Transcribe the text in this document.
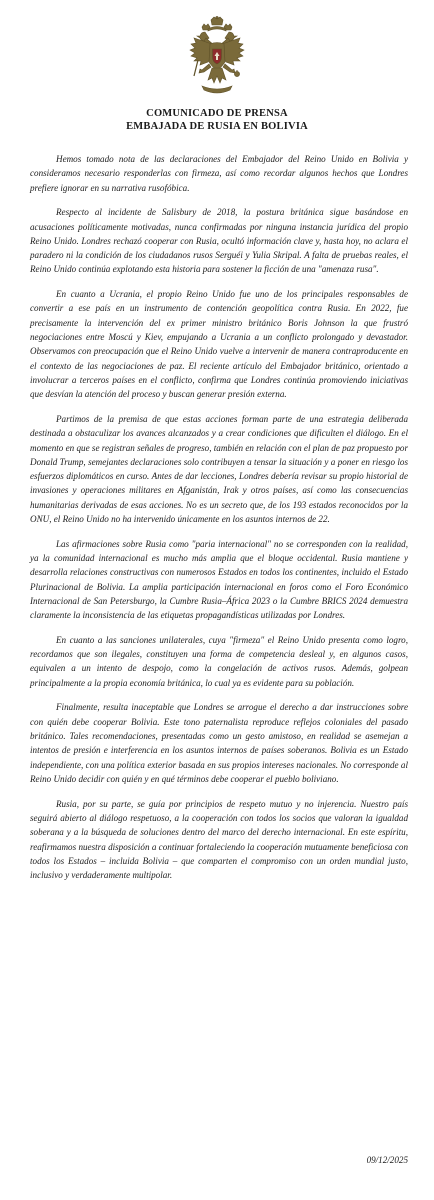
COMUNICADO DE PRENSA
EMBAJADA DE RUSIA EN BOLIVIA

Hemos tomado nota de las declaraciones del Embajador del Reino Unido en Bolivia y consideramos necesario responderlas con firmeza, así como recordar algunos hechos que Londres prefiere ignorar en su narrativa rusofóbica.

Respecto al incidente de Salisbury de 2018, la postura británica sigue basándose en acusaciones políticamente motivadas, nunca confirmadas por ninguna instancia jurídica del propio Reino Unido. Londres rechazó cooperar con Rusia, ocultó información clave y, hasta hoy, no aclara el paradero ni la condición de los ciudadanos rusos Serguéi y Yulia Skripal. A falta de pruebas reales, el Reino Unido continúa explotando esta historia para sostener la ficción de una "amenaza rusa".

En cuanto a Ucrania, el propio Reino Unido fue uno de los principales responsables de convertir a ese país en un instrumento de contención geopolítica contra Rusia. En 2022, fue precisamente la intervención del ex primer ministro británico Boris Johnson la que frustró negociaciones entre Moscú y Kiev, empujando a Ucrania a un conflicto prolongado y devastador. Observamos con preocupación que el Reino Unido vuelve a intervenir de manera contraproducente en el contexto de las negociaciones de paz. El reciente artículo del Embajador británico, orientado a involucrar a terceros países en el conflicto, confirma que Londres continúa promoviendo iniciativas que desvían la atención del proceso y buscan generar presión externa.

Partimos de la premisa de que estas acciones forman parte de una estrategia deliberada destinada a obstaculizar los avances alcanzados y a crear condiciones que dificulten el diálogo. En el momento en que se registran señales de progreso, también en relación con el plan de paz propuesto por Donald Trump, semejantes declaraciones solo contribuyen a tensar la situación y a poner en riesgo los esfuerzos diplomáticos en curso. Antes de dar lecciones, Londres debería revisar su propio historial de invasiones y operaciones militares en Afganistán, Irak y otros países, así como las consecuencias humanitarias derivadas de esas acciones. No es un secreto que, de los 193 estados reconocidos por la ONU, el Reino Unido no ha intervenido únicamente en los asuntos internos de 22.

Las afirmaciones sobre Rusia como "paria internacional" no se corresponden con la realidad, ya la comunidad internacional es mucho más amplia que el bloque occidental. Rusia mantiene y desarrolla relaciones constructivas con numerosos Estados en todos los continentes, incluido el Estado Plurinacional de Bolivia. La amplia participación internacional en foros como el Foro Económico Internacional de San Petersburgo, la Cumbre Rusia–África 2023 o la Cumbre BRICS 2024 demuestra claramente la inconsistencia de las etiquetas propagandísticas utilizadas por Londres.

En cuanto a las sanciones unilaterales, cuya "firmeza" el Reino Unido presenta como logro, recordamos que son ilegales, constituyen una forma de competencia desleal y, en algunos casos, equivalen a un intento de despojo, como la congelación de activos rusos. Además, golpean principalmente a la propia economía británica, lo cual ya es evidente para su población.

Finalmente, resulta inaceptable que Londres se arrogue el derecho a dar instrucciones sobre con quién debe cooperar Bolivia. Este tono paternalista reproduce reflejos coloniales del pasado británico. Tales recomendaciones, presentadas como un gesto amistoso, en realidad se asemejan a intentos de presión e interferencia en los asuntos internos de países soberanos. Bolivia es un Estado independiente, con una política exterior basada en sus propios intereses nacionales. No corresponde al Reino Unido decidir con quién y en qué términos debe cooperar el pueblo boliviano.

Rusia, por su parte, se guía por principios de respeto mutuo y no injerencia. Nuestro país seguirá abierto al diálogo respetuoso, a la cooperación con todos los socios que valoran la igualdad soberana y a la búsqueda de soluciones dentro del marco del derecho internacional. En este espíritu, reafirmamos nuestra disposición a continuar fortaleciendo la cooperación mutuamente beneficiosa con todos los Estados – incluida Bolivia – que comparten el compromiso con un orden mundial justo, inclusivo y verdaderamente multipolar.

09/12/2025
